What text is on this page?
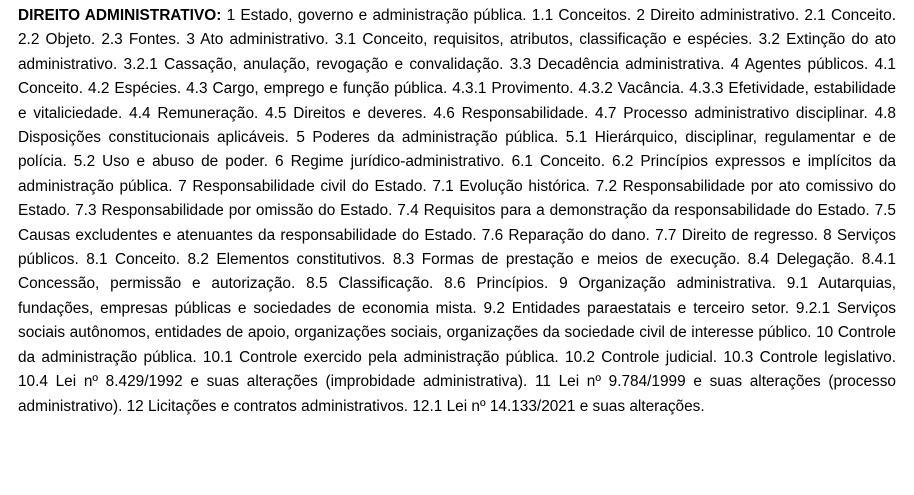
DIREITO ADMINISTRATIVO: 1 Estado, governo e administração pública. 1.1 Conceitos. 2 Direito administrativo. 2.1 Conceito. 2.2 Objeto. 2.3 Fontes. 3 Ato administrativo. 3.1 Conceito, requisitos, atributos, classificação e espécies. 3.2 Extinção do ato administrativo. 3.2.1 Cassação, anulação, revogação e convalidação. 3.3 Decadência administrativa. 4 Agentes públicos. 4.1 Conceito. 4.2 Espécies. 4.3 Cargo, emprego e função pública. 4.3.1 Provimento. 4.3.2 Vacância. 4.3.3 Efetividade, estabilidade e vitaliciedade. 4.4 Remuneração. 4.5 Direitos e deveres. 4.6 Responsabilidade. 4.7 Processo administrativo disciplinar. 4.8 Disposições constitucionais aplicáveis. 5 Poderes da administração pública. 5.1 Hierárquico, disciplinar, regulamentar e de polícia. 5.2 Uso e abuso de poder. 6 Regime jurídico-administrativo. 6.1 Conceito. 6.2 Princípios expressos e implícitos da administração pública. 7 Responsabilidade civil do Estado. 7.1 Evolução histórica. 7.2 Responsabilidade por ato comissivo do Estado. 7.3 Responsabilidade por omissão do Estado. 7.4 Requisitos para a demonstração da responsabilidade do Estado. 7.5 Causas excludentes e atenuantes da responsabilidade do Estado. 7.6 Reparação do dano. 7.7 Direito de regresso. 8 Serviços públicos. 8.1 Conceito. 8.2 Elementos constitutivos. 8.3 Formas de prestação e meios de execução. 8.4 Delegação. 8.4.1 Concessão, permissão e autorização. 8.5 Classificação. 8.6 Princípios. 9 Organização administrativa. 9.1 Autarquias, fundações, empresas públicas e sociedades de economia mista. 9.2 Entidades paraestatais e terceiro setor. 9.2.1 Serviços sociais autônomos, entidades de apoio, organizações sociais, organizações da sociedade civil de interesse público. 10 Controle da administração pública. 10.1 Controle exercido pela administração pública. 10.2 Controle judicial. 10.3 Controle legislativo. 10.4 Lei nº 8.429/1992 e suas alterações (improbidade administrativa). 11 Lei nº 9.784/1999 e suas alterações (processo administrativo). 12 Licitações e contratos administrativos. 12.1 Lei nº 14.133/2021 e suas alterações.
